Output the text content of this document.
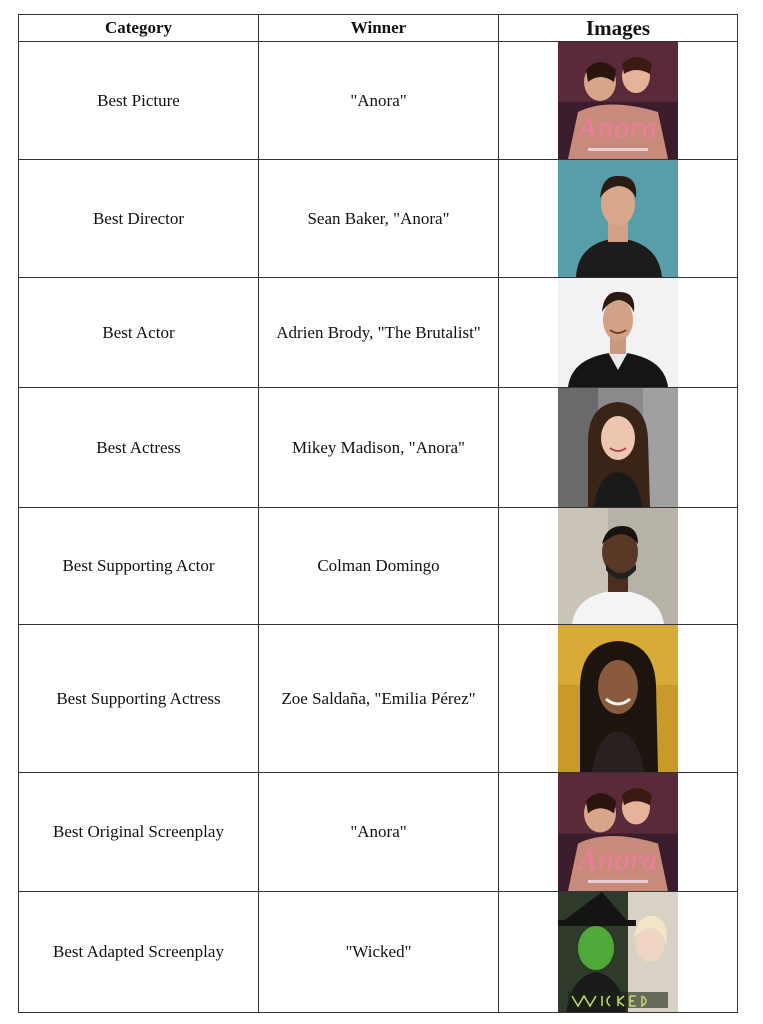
Category	Winner	Images
Best Picture	"Anora"	Anora

Best Director	Sean Baker, "Anora"	

Best Actor	Adrien Brody, "The Brutalist"	

Best Actress	Mikey Madison, "Anora"	

Best Supporting Actor	Colman Domingo	

Best Supporting Actress	Zoe Saldaña, "Emilia Pérez"	

Best Original Screenplay	"Anora"	Anora

Best Adapted Screenplay	"Wicked"	
